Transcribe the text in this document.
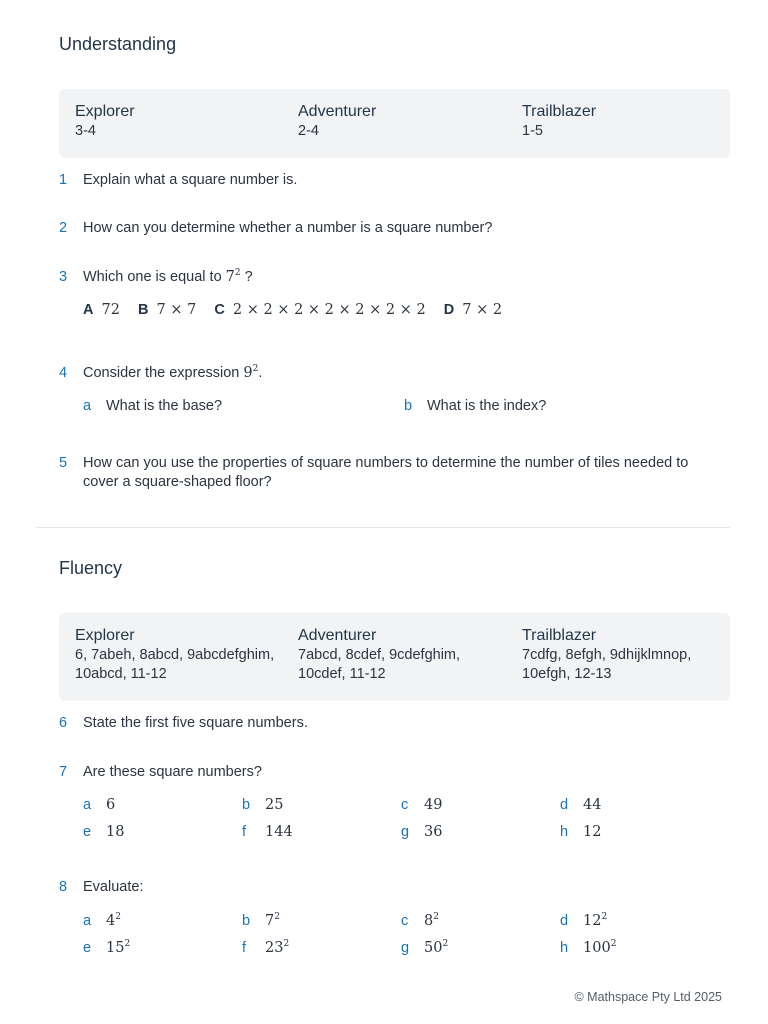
Understanding
Explorer
3-4
Adventurer
2-4
Trailblazer
1-5
1	Explain what a square number is.
2	How can you determine whether a number is a square number?
3	Which one is equal to $7^2$ ?
A 72 B 7 × 7 C 2 × 2 × 2 × 2 × 2 × 2 × 2 D 7 × 2
4	Consider the expression $9^2$.
a What is the base?	b What is the index?
5	How can you use the properties of square numbers to determine the number of tiles needed to cover a square-shaped floor?
Fluency
Explorer
6, 7abeh, 8abcd, 9abcdefghim, 10abcd, 11-12
Adventurer
7abcd, 8cdef, 9cdefghim, 10cdef, 11-12
Trailblazer
7cdfg, 8efgh, 9dhijklmnop, 10efgh, 12-13
6	State the first five square numbers.
7	Are these square numbers?
a 6	b 25	c 49	d 44
e 18	f 144	g 36	h 12
8	Evaluate:
a $4^2$	b $7^2$	c $8^2$	d $12^2$
e $15^2$	f $23^2$	g $50^2$	h $100^2$
© Mathspace Pty Ltd 2025
